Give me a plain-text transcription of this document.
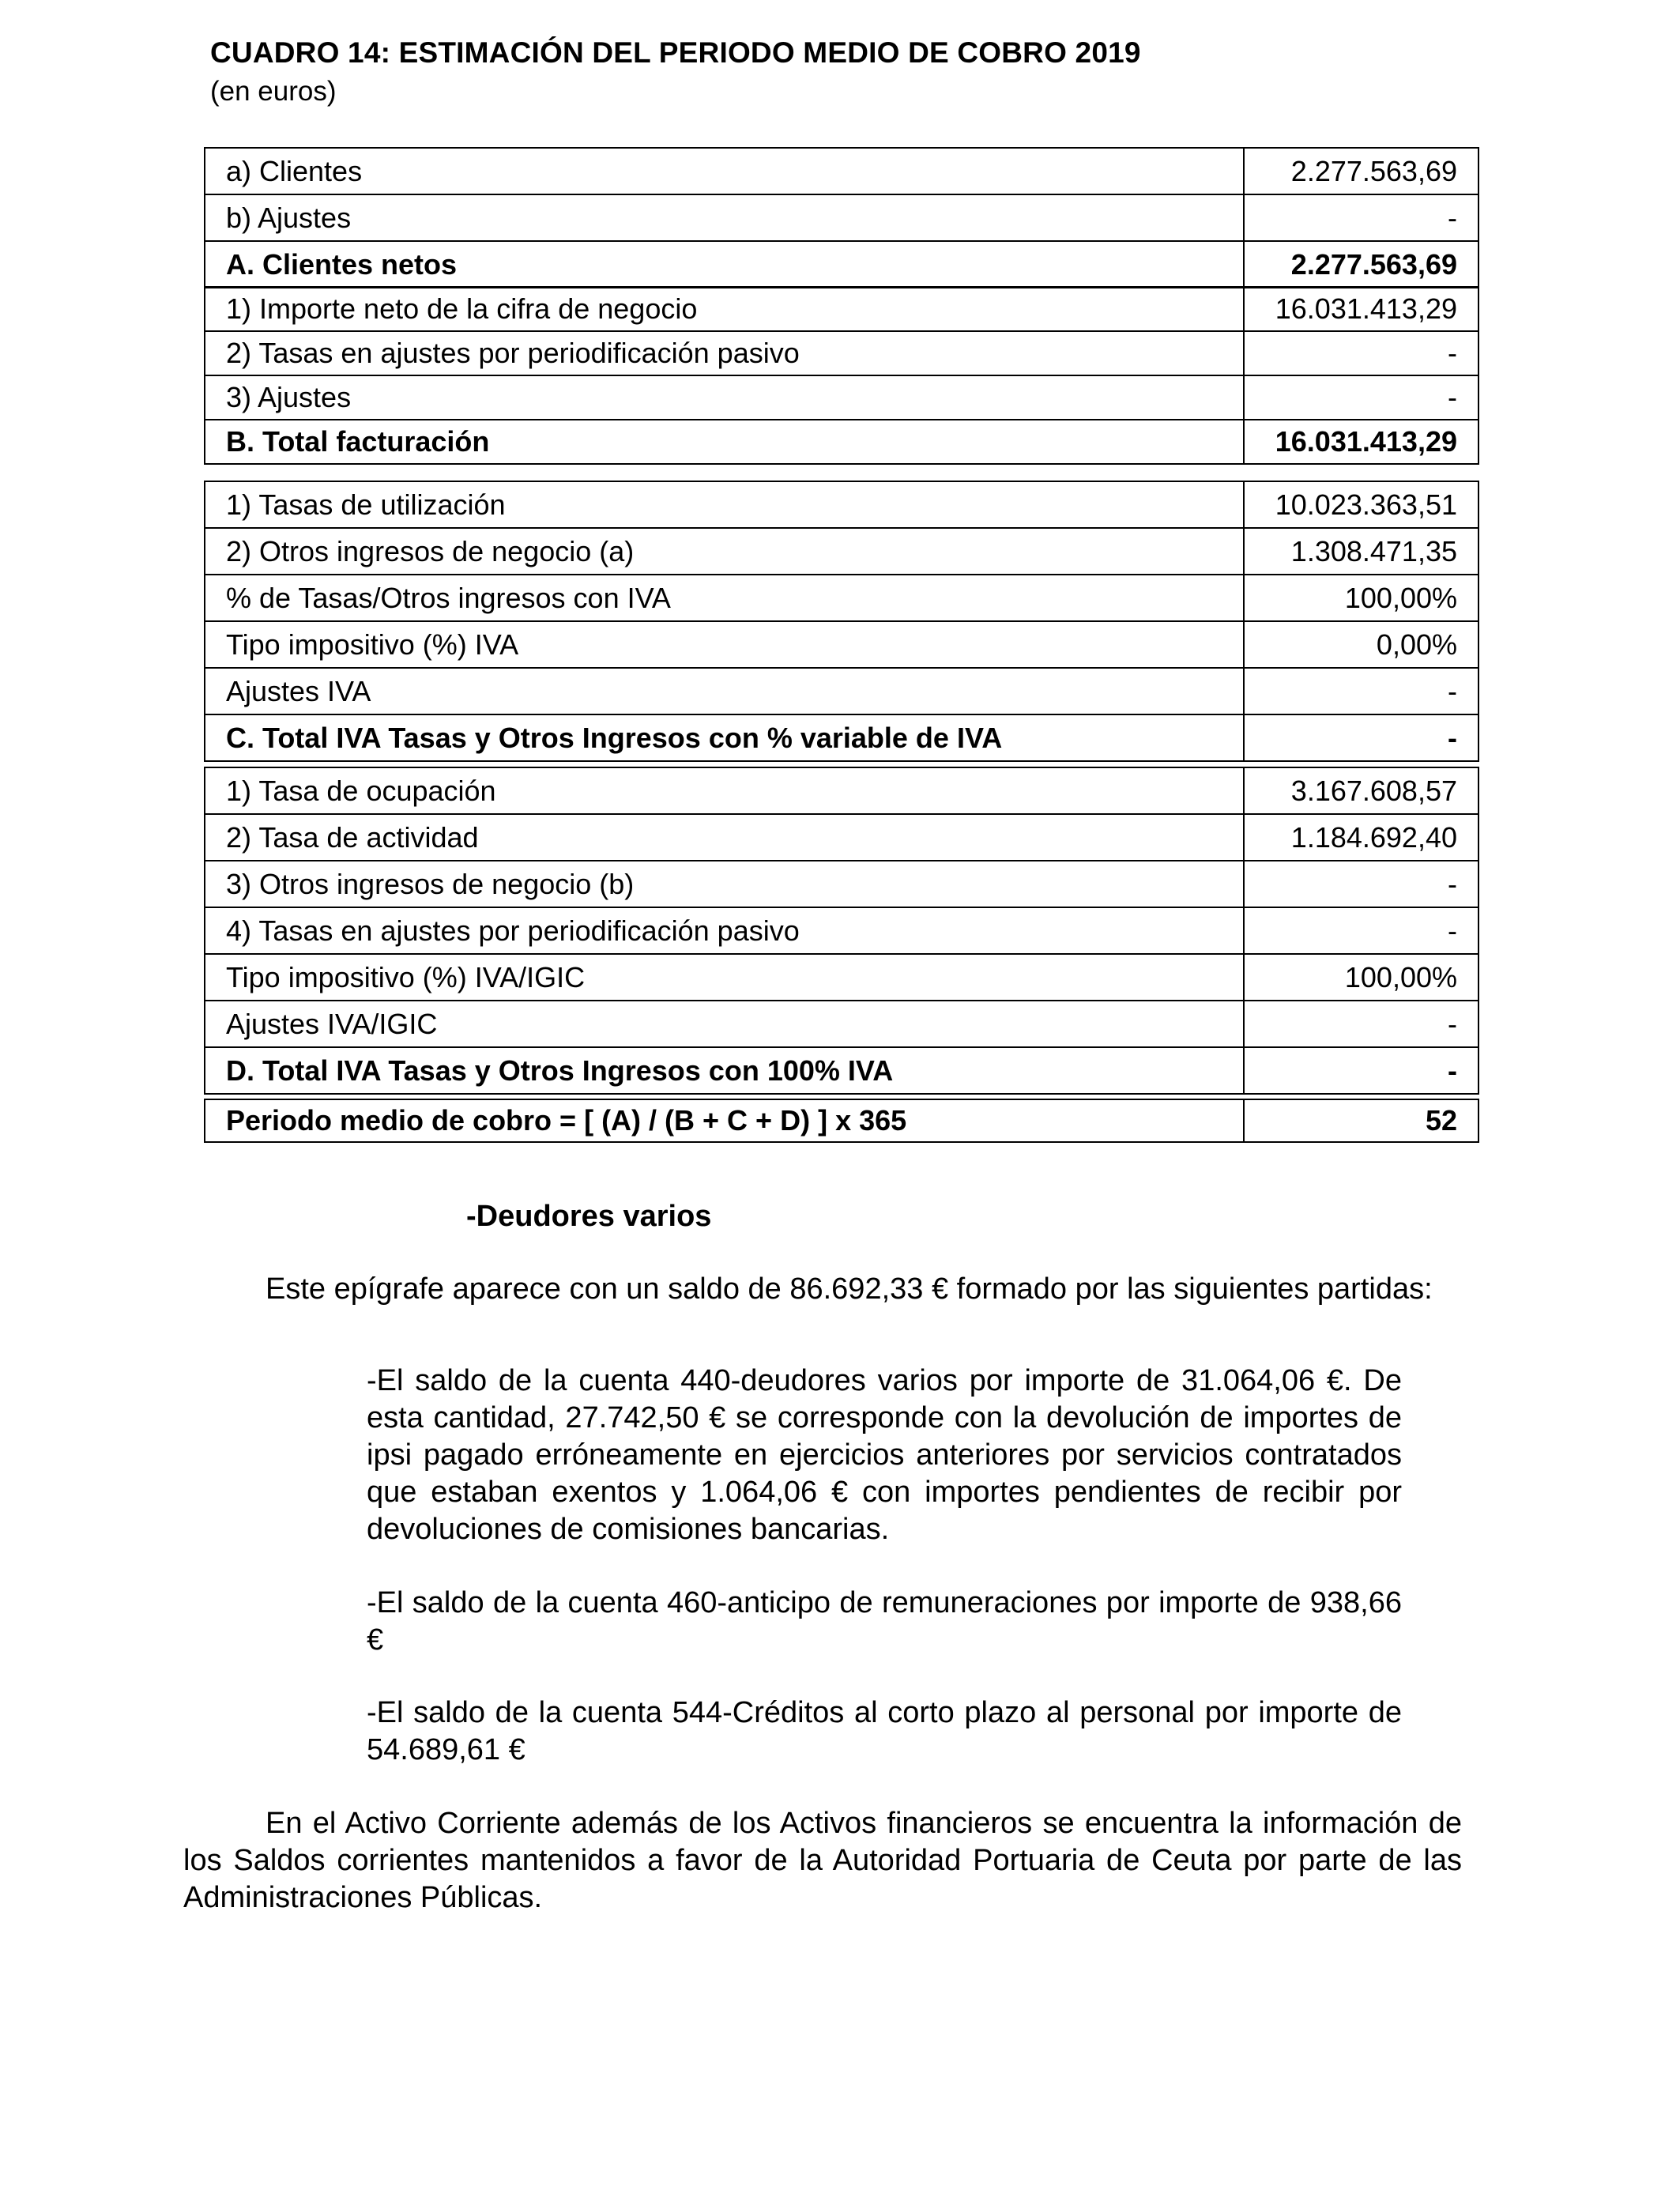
CUADRO 14: ESTIMACIÓN DEL PERIODO MEDIO DE COBRO 2019
(en euros)
a) Clientes	2.277.563,69
b) Ajustes	-
A. Clientes netos	2.277.563,69
1) Importe neto de la cifra de negocio	16.031.413,29
2) Tasas en ajustes por periodificación pasivo	-
3) Ajustes	-
B. Total facturación	16.031.413,29
1) Tasas de utilización	10.023.363,51
2) Otros ingresos de negocio (a)	1.308.471,35
% de Tasas/Otros ingresos con IVA	100,00%
Tipo impositivo (%) IVA	0,00%
Ajustes IVA	-
C. Total IVA Tasas y Otros Ingresos con % variable de IVA	-
1) Tasa de ocupación	3.167.608,57
2) Tasa de actividad	1.184.692,40
3) Otros ingresos de negocio (b)	-
4) Tasas en ajustes por periodificación pasivo	-
Tipo impositivo (%) IVA/IGIC	100,00%
Ajustes IVA/IGIC	-
D. Total IVA Tasas y Otros Ingresos con 100% IVA	-
Periodo medio de cobro = [ (A) / (B + C + D) ] x 365	52
-Deudores varios
Este epígrafe aparece con un saldo de 86.692,33 € formado por las siguientes partidas:
-El saldo de la cuenta 440-deudores varios por importe de 31.064,06 €. De esta cantidad, 27.742,50 € se corresponde con la devolución de importes de ipsi pagado erróneamente en ejercicios anteriores por servicios contratados que estaban exentos y 1.064,06 € con importes pendientes de recibir por devoluciones de comisiones bancarias.
-El saldo de la cuenta 460-anticipo de remuneraciones por importe de 938,66 €
-El saldo de la cuenta 544-Créditos al corto plazo al personal por importe de 54.689,61 €
En el Activo Corriente además de los Activos financieros se encuentra la información de los Saldos corrientes mantenidos a favor de la Autoridad Portuaria de Ceuta por parte de las Administraciones Públicas.
